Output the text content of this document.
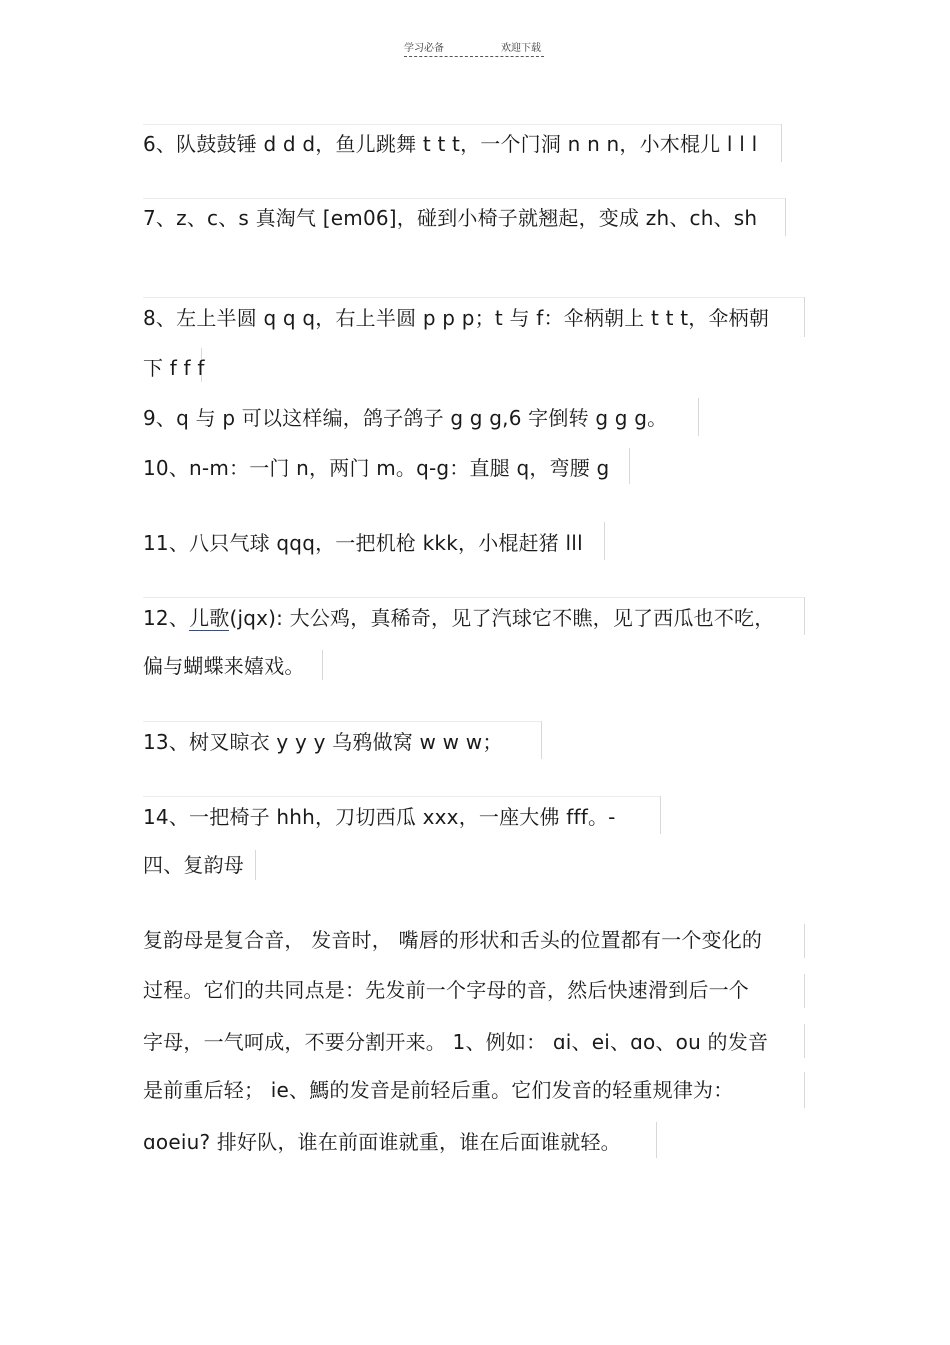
学习必备	欢迎下载
6、队鼓鼓锤 d d d，鱼儿跳舞 t t t，一个门洞 n n n，小木棍儿 l l l
7、z、c、s 真淘气 [em06]，碰到小椅子就翘起，变成 zh、ch、sh
8、左上半圆 q q q，右上半圆 p p p；t 与 f：伞柄朝上 t t t，伞柄朝
下 f f f
9、q 与 p 可以这样编，鸽子鸽子 g g g,6 字倒转 g g g。
10、n-m：一门 n，两门 m。q-g：直腿 q，弯腰 g
11、八只气球 qqq，一把机枪 kkk，小棍赶猪 lll
12、儿歌(jqx): 大公鸡，真稀奇，见了汽球它不瞧，见了西瓜也不吃，
偏与蝴蝶来嬉戏。
13、树叉晾衣 y y y 乌鸦做窝 w w w；
14、一把椅子 hhh，刀切西瓜 xxx，一座大佛 fff。-
四、复韵母
复韵母是复合音， 发音时， 嘴唇的形状和舌头的位置都有一个变化的
过程。它们的共同点是：先发前一个字母的音，然后快速滑到后一个
字母，一气呵成，不要分割开来。 1、例如： ɑi、ei、ɑo、ou 的发音
是前重后轻； ie、鰢的发音是前轻后重。它们发音的轻重规律为：
ɑoeiu? 排好队，谁在前面谁就重，谁在后面谁就轻。
